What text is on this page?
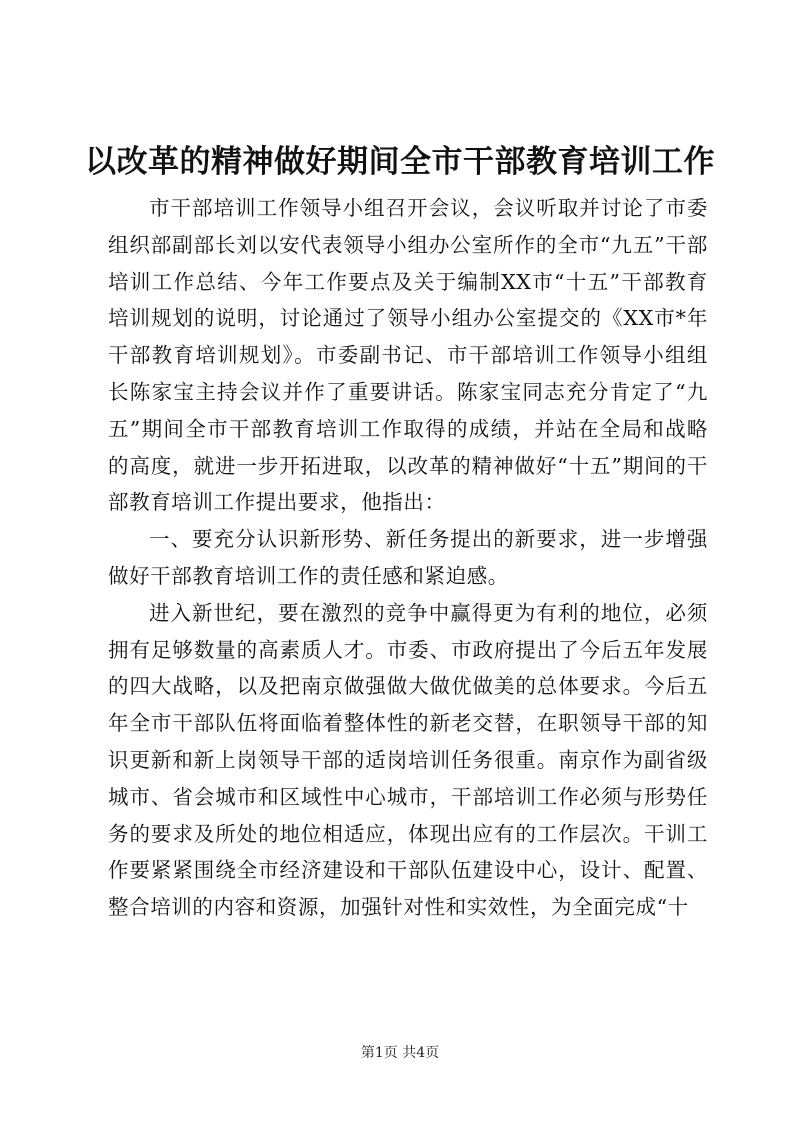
以改革的精神做好期间全市干部教育培训工作

市干部培训工作领导小组召开会议，会议听取并讨论了市委组织部副部长刘以安代表领导小组办公室所作的全市“九五”干部培训工作总结、今年工作要点及关于编制XX市“十五”干部教育培训规划的说明，讨论通过了领导小组办公室提交的《XX市*年干部教育培训规划》。市委副书记、市干部培训工作领导小组组长陈家宝主持会议并作了重要讲话。陈家宝同志充分肯定了“九五”期间全市干部教育培训工作取得的成绩，并站在全局和战略的高度，就进一步开拓进取，以改革的精神做好“十五”期间的干部教育培训工作提出要求，他指出：

一、要充分认识新形势、新任务提出的新要求，进一步增强做好干部教育培训工作的责任感和紧迫感。

进入新世纪，要在激烈的竞争中赢得更为有利的地位，必须拥有足够数量的高素质人才。市委、市政府提出了今后五年发展的四大战略，以及把南京做强做大做优做美的总体要求。今后五年全市干部队伍将面临着整体性的新老交替，在职领导干部的知识更新和新上岗领导干部的适岗培训任务很重。南京作为副省级城市、省会城市和区域性中心城市，干部培训工作必须与形势任务的要求及所处的地位相适应，体现出应有的工作层次。干训工作要紧紧围绕全市经济建设和干部队伍建设中心，设计、配置、整合培训的内容和资源，加强针对性和实效性，为全面完成“十

第1页 共4页
